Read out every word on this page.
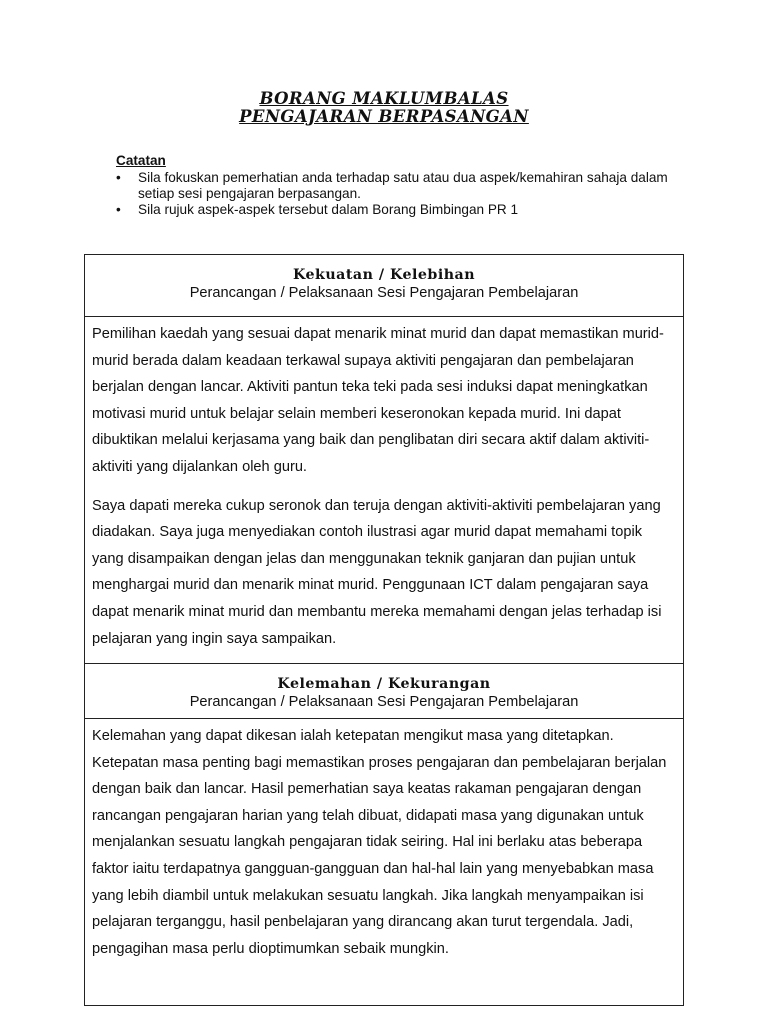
BORANG MAKLUMBALAS
PENGAJARAN BERPASANGAN
Catatan
• Sila fokuskan pemerhatian anda terhadap satu atau dua aspek/kemahiran sahaja dalam setiap sesi pengajaran berpasangan.
• Sila rujuk aspek-aspek tersebut dalam Borang Bimbingan PR 1
Kekuatan / Kelebihan
Perancangan / Pelaksanaan Sesi Pengajaran Pembelajaran

Pemilihan kaedah yang sesuai dapat menarik minat murid dan dapat memastikan murid-murid berada dalam keadaan terkawal supaya aktiviti pengajaran dan pembelajaran berjalan dengan lancar. Aktiviti pantun teka teki pada sesi induksi dapat meningkatkan motivasi murid untuk belajar selain memberi keseronokan kepada murid. Ini dapat dibuktikan melalui kerjasama yang baik dan penglibatan diri secara aktif dalam aktiviti-aktiviti yang dijalankan oleh guru.

Saya dapati mereka cukup seronok dan teruja dengan aktiviti-aktiviti pembelajaran yang diadakan. Saya juga menyediakan contoh ilustrasi agar murid dapat memahami topik yang disampaikan dengan jelas dan menggunakan teknik ganjaran dan pujian untuk menghargai murid dan menarik minat murid. Penggunaan ICT dalam pengajaran saya dapat menarik minat murid dan membantu mereka memahami dengan jelas terhadap isi pelajaran yang ingin saya sampaikan.

Kelemahan / Kekurangan
Perancangan / Pelaksanaan Sesi Pengajaran Pembelajaran

Kelemahan yang dapat dikesan ialah ketepatan mengikut masa yang ditetapkan. Ketepatan masa penting bagi memastikan proses pengajaran dan pembelajaran berjalan dengan baik dan lancar. Hasil pemerhatian saya keatas rakaman pengajaran dengan rancangan pengajaran harian yang telah dibuat, didapati masa yang digunakan untuk menjalankan sesuatu langkah pengajaran tidak seiring. Hal ini berlaku atas beberapa faktor iaitu terdapatnya gangguan-gangguan dan hal-hal lain yang menyebabkan masa yang lebih diambil untuk melakukan sesuatu langkah. Jika langkah menyampaikan isi pelajaran terganggu, hasil penbelajaran yang dirancang akan turut tergendala. Jadi, pengagihan masa perlu dioptimumkan sebaik mungkin.
